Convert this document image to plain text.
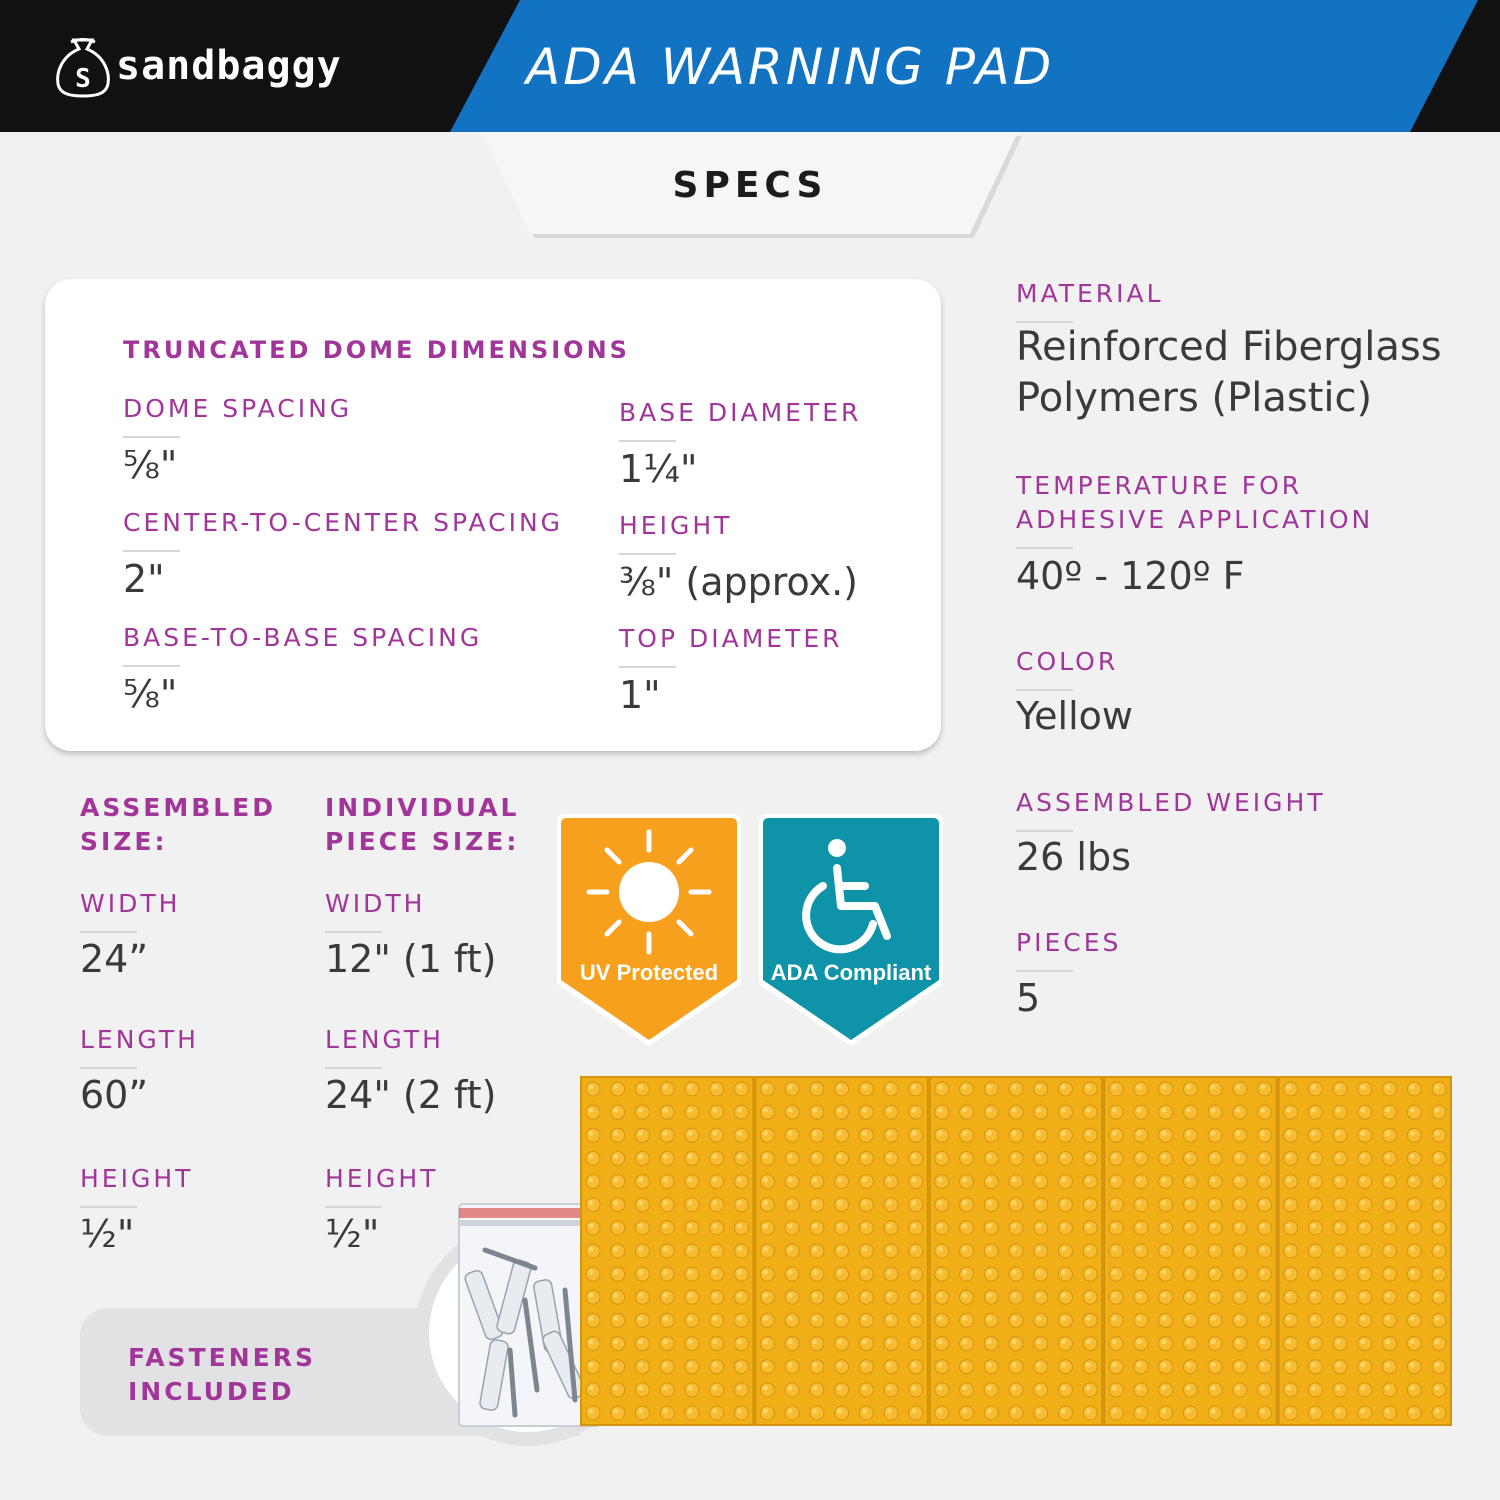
S sandbaggy	ADA WARNING PAD
SPECS
TRUNCATED DOME DIMENSIONS
DOME SPACING
⅝"
BASE DIAMETER
1¼"
CENTER-TO-CENTER SPACING
2"
HEIGHT
⅜" (approx.)
BASE-TO-BASE SPACING
⅝"
TOP DIAMETER
1"
ASSEMBLED
SIZE:
WIDTH
24”
LENGTH
60”
HEIGHT
½"
INDIVIDUAL
PIECE SIZE:
WIDTH
12" (1 ft)
LENGTH
24" (2 ft)
HEIGHT
½"
UV Protected	ADA Compliant
MATERIAL
Reinforced Fiberglass
Polymers (Plastic)
TEMPERATURE FOR
ADHESIVE APPLICATION
40º - 120º F
COLOR
Yellow
ASSEMBLED WEIGHT
26 lbs
PIECES
5
FASTENERS
INCLUDED
